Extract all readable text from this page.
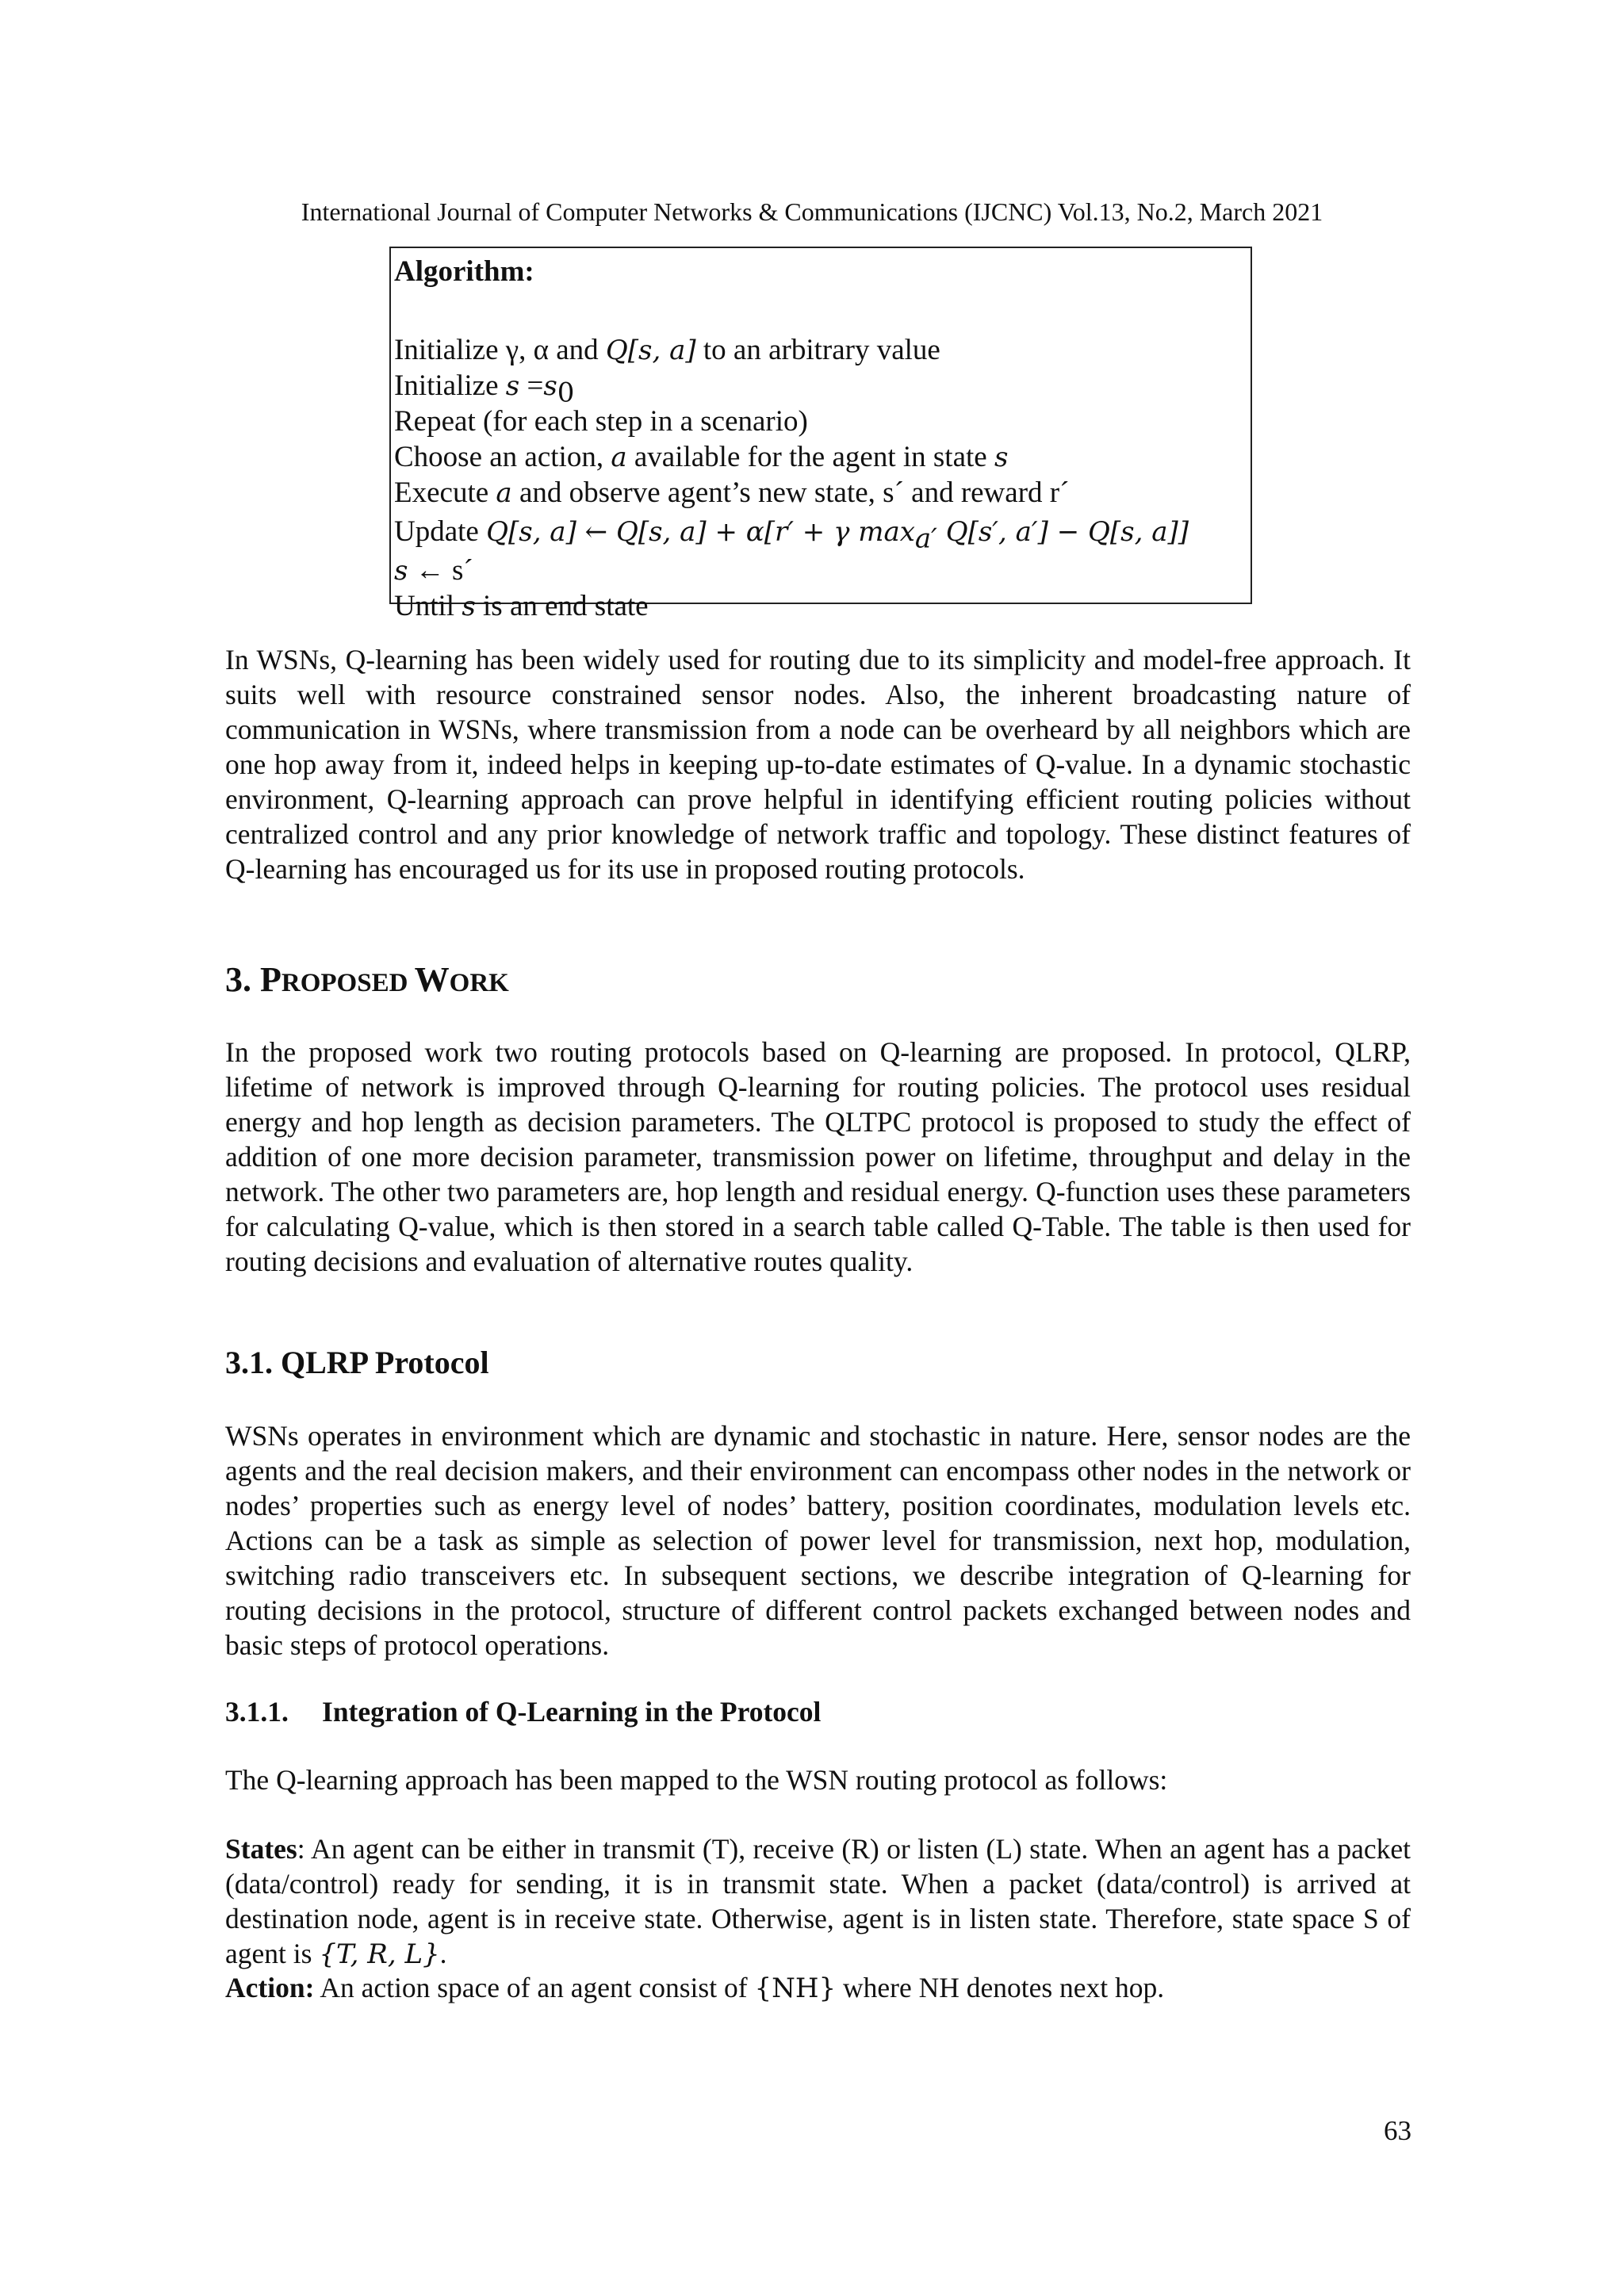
International Journal of Computer Networks & Communications (IJCNC) Vol.13, No.2, March 2021
Algorithm:
Initialize γ, α and Q[s, a] to an arbitrary value
Initialize $s =s_0$
Repeat (for each step in a scenario)
Choose an action, a available for the agent in state s
Execute a and observe agent’s new state, s´ and reward r´
Update Q[s, a] ← Q[s, a] + α[r′ + γ $\max_{a'} Q[s'$, a′] − Q[s, a]]
s ← s´
Until s is an end state

In WSNs, Q-learning has been widely used for routing due to its simplicity and model-free approach. It suits well with resource constrained sensor nodes. Also, the inherent broadcasting nature of communication in WSNs, where transmission from a node can be overheard by all neighbors which are one hop away from it, indeed helps in keeping up-to-date estimates of Q-value. In a dynamic stochastic environment, Q-learning approach can prove helpful in identifying efficient routing policies without centralized control and any prior knowledge of network traffic and topology. These distinct features of Q-learning has encouraged us for its use in proposed routing protocols.

3. PROPOSED WORK

In the proposed work two routing protocols based on Q-learning are proposed. In protocol, QLRP, lifetime of network is improved through Q-learning for routing policies. The protocol uses residual energy and hop length as decision parameters. The QLTPC protocol is proposed to study the effect of addition of one more decision parameter, transmission power on lifetime, throughput and delay in the network. The other two parameters are, hop length and residual energy. Q-function uses these parameters for calculating Q-value, which is then stored in a search table called Q-Table. The table is then used for routing decisions and evaluation of alternative routes quality.

3.1. QLRP Protocol

WSNs operates in environment which are dynamic and stochastic in nature. Here, sensor nodes are the agents and the real decision makers, and their environment can encompass other nodes in the network or nodes’ properties such as energy level of nodes’ battery, position coordinates, modulation levels etc. Actions can be a task as simple as selection of power level for transmission, next hop, modulation, switching radio transceivers etc. In subsequent sections, we describe integration of Q-learning for routing decisions in the protocol, structure of different control packets exchanged between nodes and basic steps of protocol operations.

3.1.1. Integration of Q-Learning in the Protocol

The Q-learning approach has been mapped to the WSN routing protocol as follows:

States: An agent can be either in transmit (T), receive (R) or listen (L) state. When an agent has a packet (data/control) ready for sending, it is in transmit state. When a packet (data/control) is arrived at destination node, agent is in receive state. Otherwise, agent is in listen state. Therefore, state space S of agent is {T, R, L}.

Action: An action space of an agent consist of {NH} where NH denotes next hop.

63
